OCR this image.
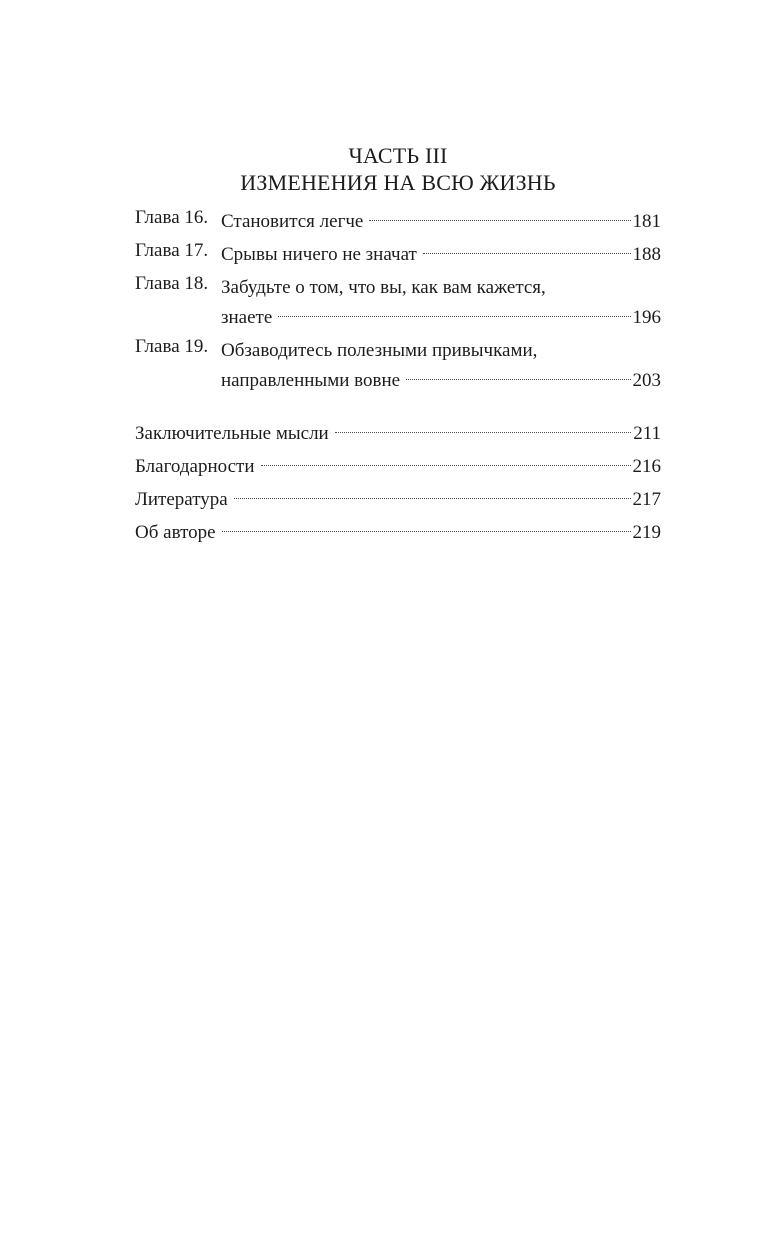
ЧАСТЬ III
ИЗМЕНЕНИЯ НА ВСЮ ЖИЗНЬ
Глава 16. Становится легче	181
Глава 17. Срывы ничего не значат	188
Глава 18. Забудьте о том, что вы, как вам кажется,
знаете	196
Глава 19. Обзаводитесь полезными привычками,
направленными вовне	203
Заключительные мысли	211
Благодарности	216
Литература	217
Об авторе	219
